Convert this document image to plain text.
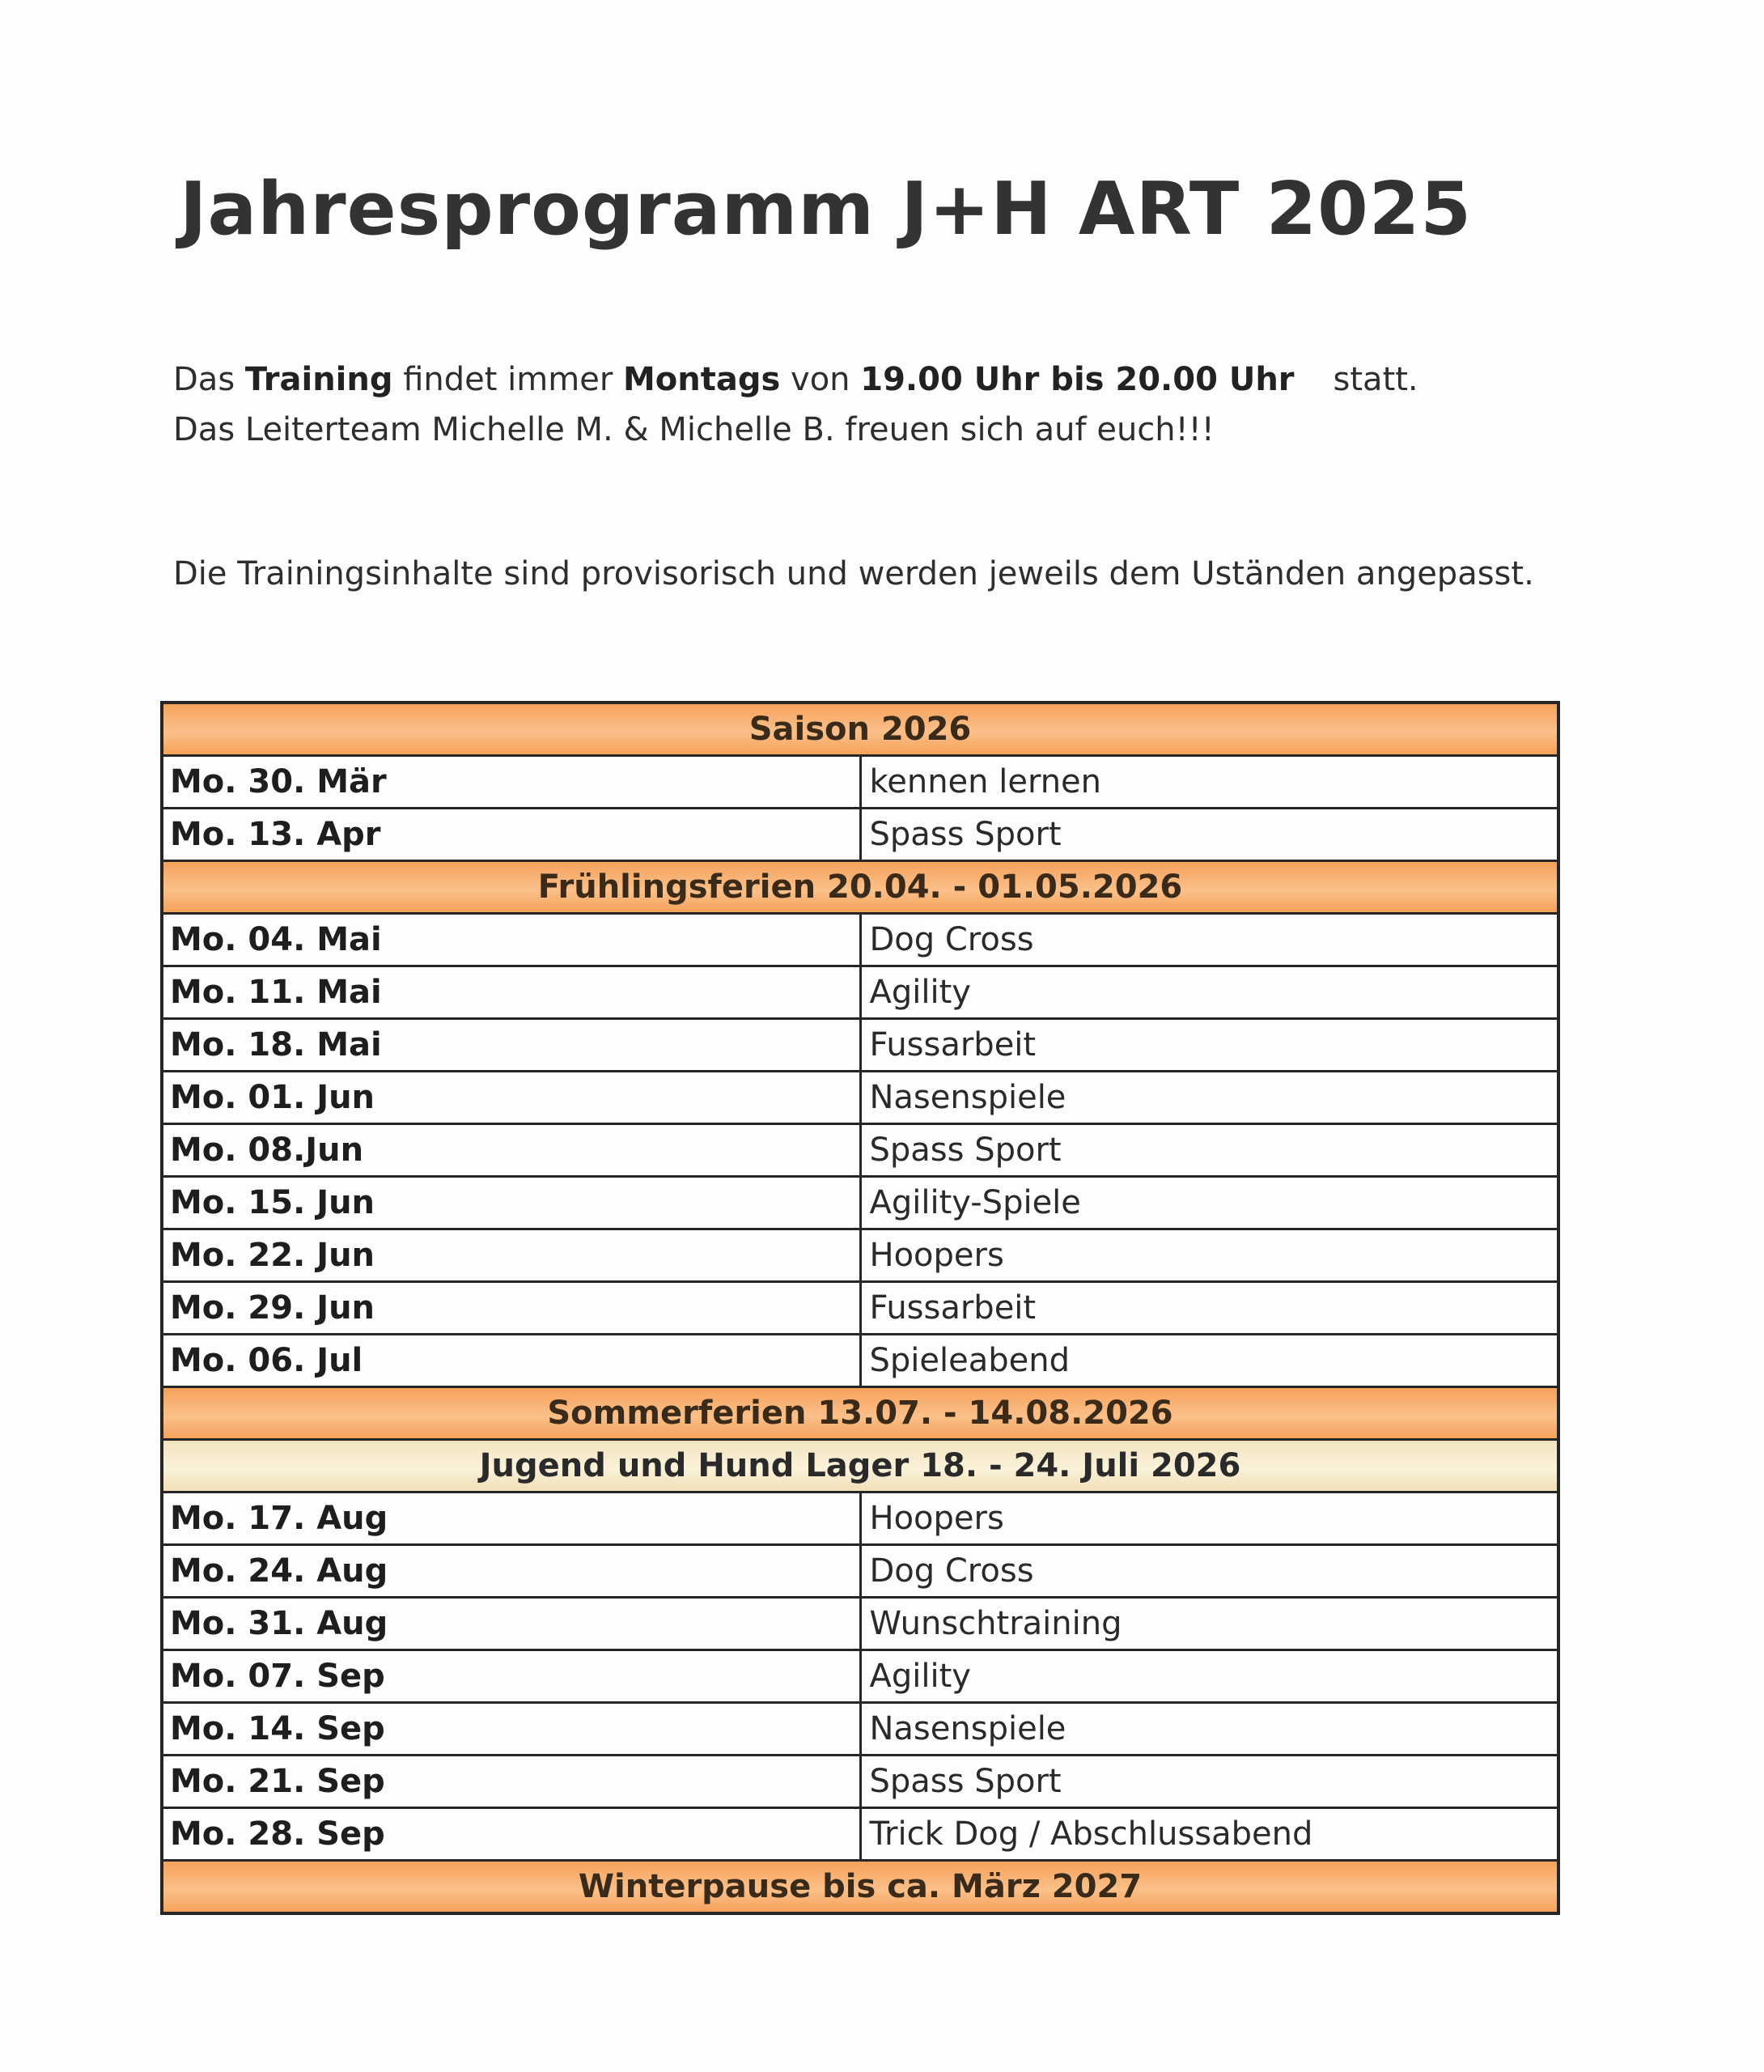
Jahresprogramm J+H ART 2025
Das Training findet immer Montags von 19.00 Uhr bis 20.00 Uhr statt.
Das Leiterteam Michelle M. & Michelle B. freuen sich auf euch!!!
Die Trainingsinhalte sind provisorisch und werden jeweils dem Uständen angepasst.
Saison 2026	
Mo. 30. Mär	kennen lernen
Mo. 13. Apr	Spass Sport
Frühlingsferien 20.04. - 01.05.2026	
Mo. 04. Mai	Dog Cross
Mo. 11. Mai	Agility
Mo. 18. Mai	Fussarbeit
Mo. 01. Jun	Nasenspiele
Mo. 08.Jun	Spass Sport
Mo. 15. Jun	Agility-Spiele
Mo. 22. Jun	Hoopers
Mo. 29. Jun	Fussarbeit
Mo. 06. Jul	Spieleabend
Sommerferien 13.07. - 14.08.2026	
Jugend und Hund Lager 18. - 24. Juli 2026	
Mo. 17. Aug	Hoopers
Mo. 24. Aug	Dog Cross
Mo. 31. Aug	Wunschtraining
Mo. 07. Sep	Agility
Mo. 14. Sep	Nasenspiele
Mo. 21. Sep	Spass Sport
Mo. 28. Sep	Trick Dog / Abschlussabend
Winterpause bis ca. März 2027	
